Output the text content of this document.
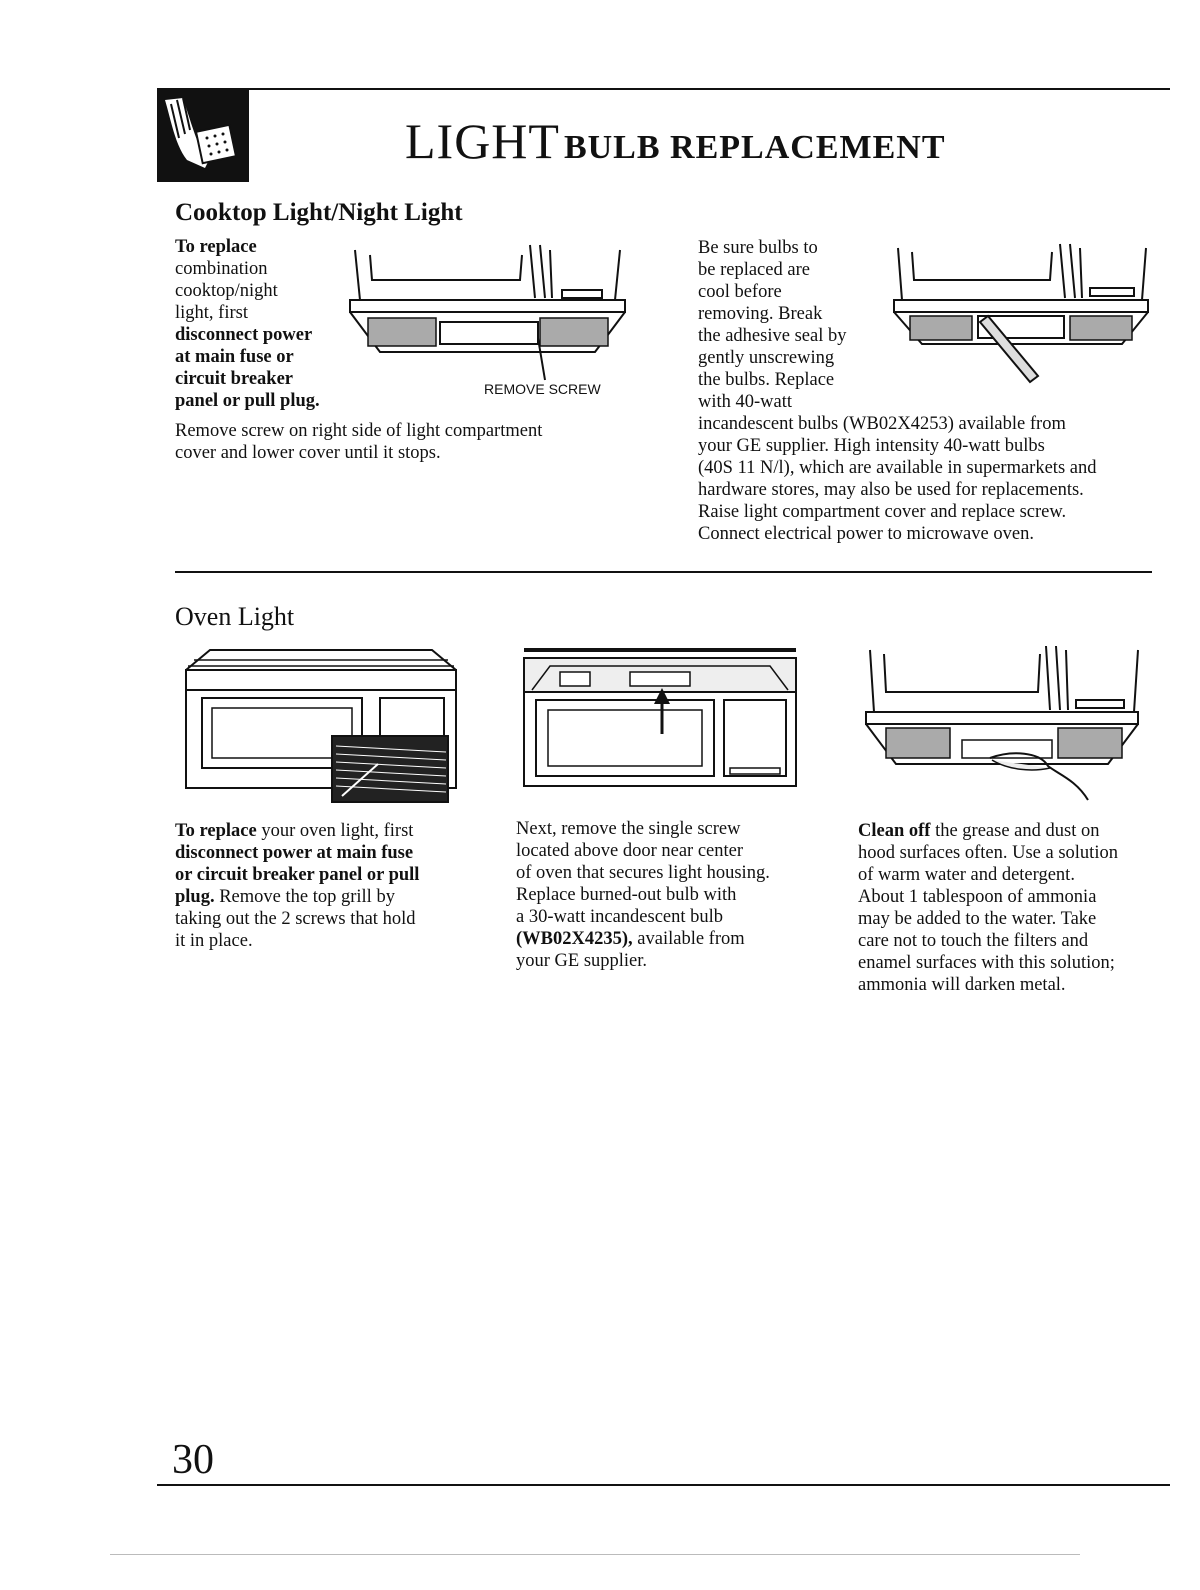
LIGHT BULB REPLACEMENT
Cooktop Light/Night Light
To replace
combination
cooktop/night
light, first
disconnect power
at main fuse or
circuit breaker
panel or pull plug.
REMOVE SCREW
Remove screw on right side of light compartment
cover and lower cover until it stops.
Be sure bulbs to
be replaced are
cool before
removing. Break
the adhesive seal by
gently unscrewing
the bulbs. Replace
with 40-watt
incandescent bulbs (WB02X4253) available from
your GE supplier. High intensity 40-watt bulbs
(40S 11 N/l), which are available in supermarkets and
hardware stores, may also be used for replacements.
Raise light compartment cover and replace screw.
Connect electrical power to microwave oven.
Oven Light
To replace your oven light, first
disconnect power at main fuse
or circuit breaker panel or pull
plug. Remove the top grill by
taking out the 2 screws that hold
it in place.
Next, remove the single screw
located above door near center
of oven that secures light housing.
Replace burned-out bulb with
a 30-watt incandescent bulb
(WB02X4235), available from
your GE supplier.
Clean off the grease and dust on
hood surfaces often. Use a solution
of warm water and detergent.
About 1 tablespoon of ammonia
may be added to the water. Take
care not to touch the filters and
enamel surfaces with this solution;
ammonia will darken metal.
30
